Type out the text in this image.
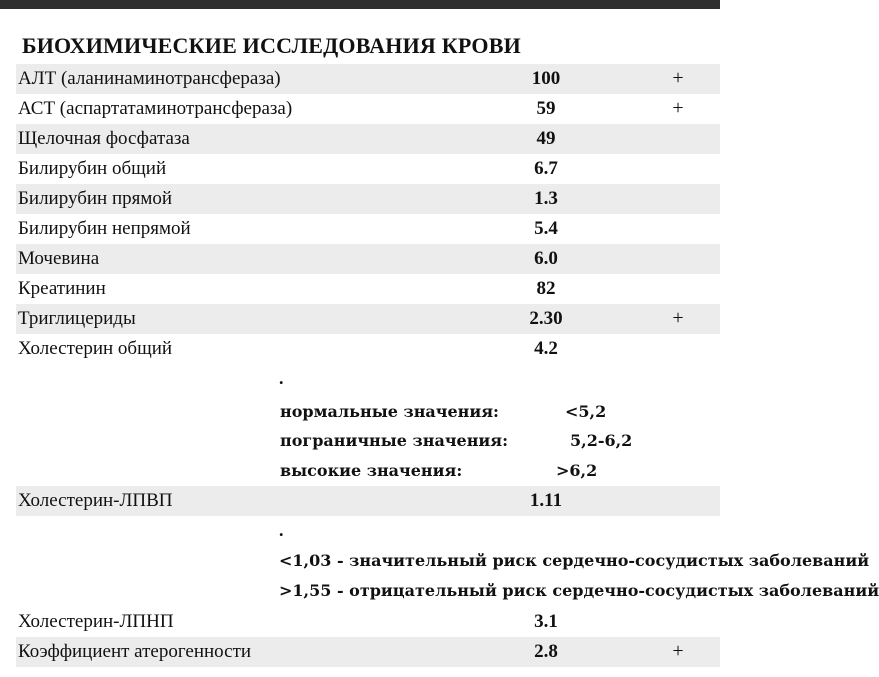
БИОХИМИЧЕСКИЕ ИССЛЕДОВАНИЯ КРОВИ
АЛТ (аланинаминотрансфераза)	100	+
АСТ (аспартатаминотрансфераза)	59	+
Щелочная фосфатаза	49
Билирубин общий	6.7
Билирубин прямой	1.3
Билирубин непрямой	5.4
Мочевина	6.0
Креатинин	82
Триглицериды	2.30	+
Холестерин общий	4.2
.
нормальные значения:	<5,2
пограничные значения:	5,2-6,2
высокие значения:	>6,2
Холестерин-ЛПВП	1.11
.
<1,03 - значительный риск сердечно-сосудистых заболеваний
>1,55 - отрицательный риск сердечно-сосудистых заболеваний
Холестерин-ЛПНП	3.1
Коэффициент атерогенности	2.8	+
